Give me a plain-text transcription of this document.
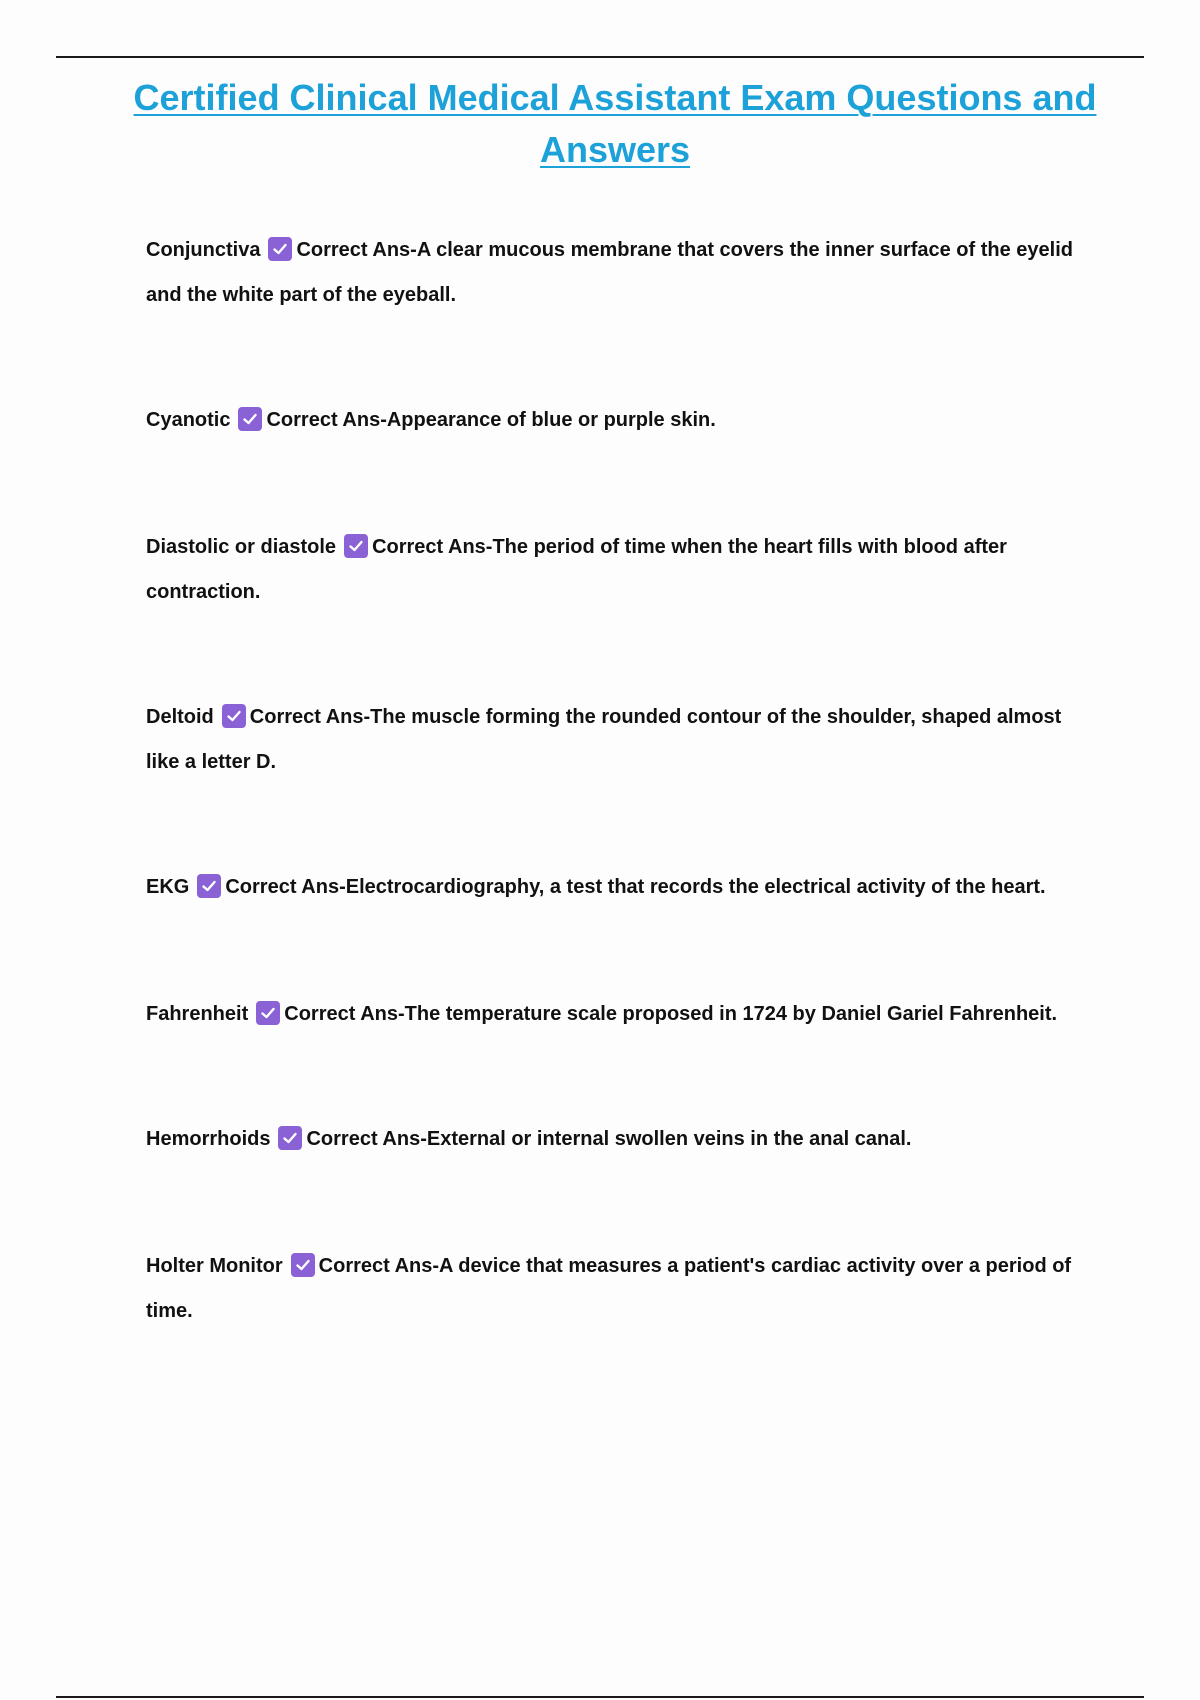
Certified Clinical Medical Assistant Exam Questions and Answers
Conjunctiva Correct Ans-A clear mucous membrane that covers the inner surface of the eyelid and the white part of the eyeball.
Cyanotic Correct Ans-Appearance of blue or purple skin.
Diastolic or diastole Correct Ans-The period of time when the heart fills with blood after contraction.
Deltoid Correct Ans-The muscle forming the rounded contour of the shoulder, shaped almost like a letter D.
EKG Correct Ans-Electrocardiography, a test that records the electrical activity of the heart.
Fahrenheit Correct Ans-The temperature scale proposed in 1724 by Daniel Gariel Fahrenheit.
Hemorrhoids Correct Ans-External or internal swollen veins in the anal canal.
Holter Monitor Correct Ans-A device that measures a patient's cardiac activity over a period of time.
